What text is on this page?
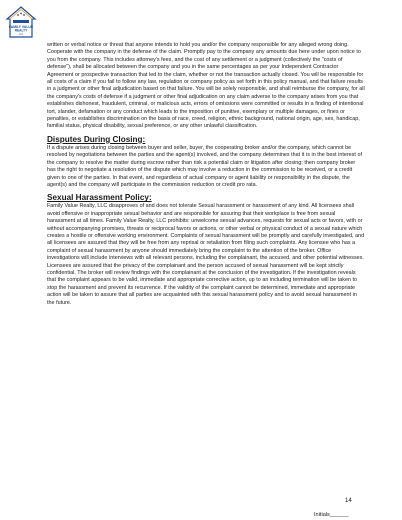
FAMILY VALUE
REALTY
LLC

written or verbal notice or threat that anyone intends to hold you and/or the company responsible for any alleged wrong doing. Cooperate with the company in the defense of the claim. Promptly pay to the company any amounts due here under upon notice to you from the company. This includes attorney's fees, and the cost of any settlement or a judgment (collectively the "costs of defense"), shall be allocated between the company and you in the same percentages as per your Independent Contractor Agreement or prospective transaction that led to the claim, whether or not the transaction actually closed. You will be responsible for all costs of a claim if you fail to follow any law, regulation or company policy as set forth in this policy manual, and that failure results in a judgment or other final adjudication based on that failure. You will be solely responsible, and shall reimburse the company, for all the company's costs of defense if a judgment or other final adjudication on any claim adverse to the company arises from you that establishes dishonest, fraudulent, criminal, or malicious acts, errors of omissions were committed or results in a finding of intentional tort, slander, defamation or any conduct which leads to the imposition of punitive, exemplary or multiple damages, or fines or penalties, or establishes discrimination on the basis of race, creed, religion, ethnic background, national origin, age, sex, handicap, familial status, physical disability, sexual preference, or any other unlawful classification.

Disputes During Closing:

If a dispute arises during closing between buyer and seller, buyer, the cooperating broker and/or the company, which cannot be resolved by negotiations between the parties and the agent(s) involved, and the company determines that it is in the best interest of the company to resolve the matter during escrow rather than risk a potential claim or litigation after closing; then company broker has the right to negotiate a resolution of the dispute which may involve a reduction in the commission to be received, or a credit given to one of the parties. In that event, and regardless of actual company or agent liability or responsibility in the dispute, the agent(s) and the company will participate in the commission reduction or credit pro rata.

Sexual Harassment Policy:

Family Value Realty, LLC disapproves of and does not tolerate Sexual harassment or harassment of any kind. All licensees shall avoid offensive or inappropriate sexual behavior and are responsible for assuring that their workplace is free from sexual harassment at all times. Family Value Realty, LLC prohibits: unwelcome sexual advances, requests for sexual acts or favors, with or without accompanying promises, threats or reciprocal favors or actions, or other verbal or physical conduct of a sexual nature which creates a hostile or offensive working environment. Complaints of sexual harassment will be promptly and carefully investigated, and all licensees are assured that they will be free from any reprisal or retaliation from filing such complaints. Any licensee who has a complaint of sexual harassment by anyone should immediately bring the complaint to the attention of the broker. Office investigations will include interviews with all relevant persons, including the complainant, the accused, and other potential witnesses. Licensees are assured that the privacy of the complainant and the person accused of sexual harassment will be kept strictly confidential. The broker will review findings with the complainant at the conclusion of the investigation. If the investigation reveals that the complaint appears to be valid, immediate and appropriate corrective action, up to an including termination will be taken to stop the harassment and prevent its recurrence. If the validity of the complaint cannot be determined, immediate and appropriate action will be taken to assure that all parties are acquainted with this sexual harassment policy and to avoid sexual harassment in the future.

14
Initials______
